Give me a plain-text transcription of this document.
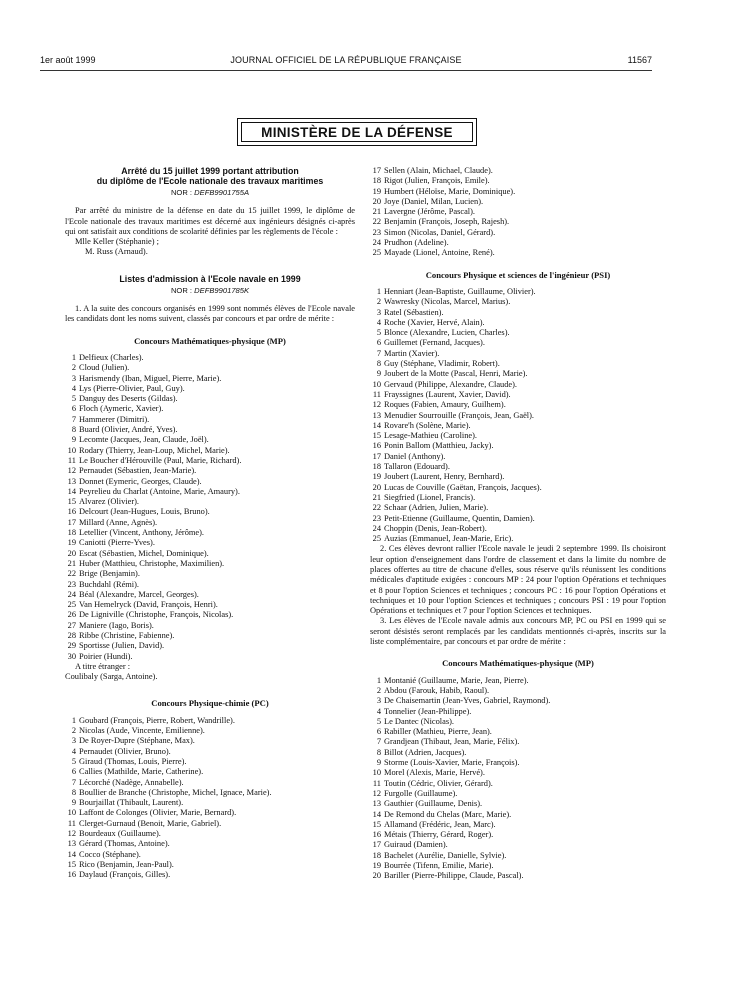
1er août 1999	JOURNAL OFFICIEL DE LA RÉPUBLIQUE FRANÇAISE	11567
MINISTÈRE DE LA DÉFENSE
Arrêté du 15 juillet 1999 portant attribution
du diplôme de l'Ecole nationale des travaux maritimes
NOR : DEFB9901755A

Par arrêté du ministre de la défense en date du 15 juillet 1999, le diplôme de l'Ecole nationale des travaux maritimes est décerné aux ingénieurs désignés ci-après qui ont satisfait aux conditions de scolarité définies par les règlements de l'école :

Mlle Keller (Stéphanie) ;
M. Russ (Arnaud).
Listes d'admission à l'Ecole navale en 1999
NOR : DEFB9901785K

1. A la suite des concours organisés en 1999 sont nommés élèves de l'Ecole navale les candidats dont les noms suivent, classés par concours et par ordre de mérite :

Concours Mathématiques-physique (MP)
1 Delfieux (Charles).
2 Cloud (Julien).
3 Harismendy (Iban, Miguel, Pierre, Marie).
4 Lys (Pierre-Olivier, Paul, Guy).
5 Danguy des Deserts (Gildas).
6 Floch (Aymeric, Xavier).
7 Hammerer (Dimitri).
8 Buard (Olivier, André, Yves).
9 Lecomte (Jacques, Jean, Claude, Joël).
10 Rodary (Thierry, Jean-Loup, Michel, Marie).
11 Le Boucher d'Hérouville (Paul, Marie, Richard).
12 Pernaudet (Sébastien, Jean-Marie).
13 Donnet (Eymeric, Georges, Claude).
14 Peyrelieu du Charlat (Antoine, Marie, Amaury).
15 Alvarez (Olivier).
16 Delcourt (Jean-Hugues, Louis, Bruno).
17 Millard (Anne, Agnès).
18 Letellier (Vincent, Anthony, Jérôme).
19 Caniotti (Pierre-Yves).
20 Escat (Sébastien, Michel, Dominique).
21 Huber (Matthieu, Christophe, Maximilien).
22 Brige (Benjamin).
23 Buchdahl (Rémi).
24 Béal (Alexandre, Marcel, Georges).
25 Van Hemelryck (David, François, Henri).
26 De Ligniville (Christophe, François, Nicolas).
27 Maniere (Iago, Boris).
28 Ribbe (Christine, Fabienne).
29 Sportisse (Julien, David).
30 Poirier (Hundi).
A titre étranger :
Coulibaly (Sarga, Antoine).
Concours Physique-chimie (PC)
1 Goubard (François, Pierre, Robert, Wandrille).
2 Nicolas (Aude, Vincente, Emilienne).
3 De Royer-Dupre (Stéphane, Max).
4 Pernaudet (Olivier, Bruno).
5 Giraud (Thomas, Louis, Pierre).
6 Callies (Mathilde, Marie, Catherine).
7 Lécorché (Nadège, Annabelle).
8 Boullier de Branche (Christophe, Michel, Ignace, Marie).
9 Bourjaillat (Thibault, Laurent).
10 Laffont de Colonges (Olivier, Marie, Bernard).
11 Clerget-Gurnaud (Benoit, Marie, Gabriel).
12 Bourdeaux (Guillaume).
13 Gérard (Thomas, Antoine).
14 Cocco (Stéphane).
15 Rico (Benjamin, Jean-Paul).
16 Daylaud (François, Gilles).
17 Sellen (Alain, Michael, Claude).
18 Rigot (Julien, François, Emile).
19 Humbert (Héloïse, Marie, Dominique).
20 Joye (Daniel, Milan, Lucien).
21 Lavergne (Jérôme, Pascal).
22 Benjamin (François, Joseph, Rajesh).
23 Simon (Nicolas, Daniel, Gérard).
24 Prudhon (Adeline).
25 Mayade (Lionel, Antoine, René).
Concours Physique et sciences de l'ingénieur (PSI)
1 Henniart (Jean-Baptiste, Guillaume, Olivier).
2 Wawresky (Nicolas, Marcel, Marius).
3 Ratel (Sébastien).
4 Roche (Xavier, Hervé, Alain).
5 Blonce (Alexandre, Lucien, Charles).
6 Guillemet (Fernand, Jacques).
7 Martin (Xavier).
8 Guy (Stéphane, Vladimir, Robert).
9 Joubert de la Motte (Pascal, Henri, Marie).
10 Gervaud (Philippe, Alexandre, Claude).
11 Frayssignes (Laurent, Xavier, David).
12 Roques (Fabien, Amaury, Guilhem).
13 Menudier Sourrouille (François, Jean, Gaël).
14 Rovare'h (Solène, Marie).
15 Lesage-Mathieu (Caroline).
16 Ponin Ballom (Matthieu, Jacky).
17 Daniel (Anthony).
18 Tallaron (Edouard).
19 Joubert (Laurent, Henry, Bernhard).
20 Lucas de Couville (Gaëtan, François, Jacques).
21 Siegfried (Lionel, Francis).
22 Schaar (Adrien, Julien, Marie).
23 Petit-Etienne (Guillaume, Quentin, Damien).
24 Choppin (Denis, Jean-Robert).
25 Auzias (Emmanuel, Jean-Marie, Eric).

2. Ces élèves devront rallier l'Ecole navale le jeudi 2 septembre 1999. Ils choisiront leur option d'enseignement dans l'ordre de classement et dans la limite du nombre de places offertes au titre de chacune d'elles, sous réserve qu'ils réunissent les conditions médicales d'aptitude exigées : concours MP : 24 pour l'option Opérations et techniques et 8 pour l'option Sciences et techniques ; concours PC : 16 pour l'option Opérations et techniques et 10 pour l'option Sciences et techniques ; concours PSI : 19 pour l'option Opérations et techniques et 7 pour l'option Sciences et techniques.

3. Les élèves de l'Ecole navale admis aux concours MP, PC ou PSI en 1999 qui se seront désistés seront remplacés par les candidats mentionnés ci-après, inscrits sur la liste complémentaire, par concours et par ordre de mérite :

Concours Mathématiques-physique (MP)
1 Montanié (Guillaume, Marie, Jean, Pierre).
2 Abdou (Farouk, Habib, Raoul).
3 De Chaisemartin (Jean-Yves, Gabriel, Raymond).
4 Tonnelier (Jean-Philippe).
5 Le Dantec (Nicolas).
6 Rabiller (Mathieu, Pierre, Jean).
7 Grandjean (Thibaut, Jean, Marie, Félix).
8 Billot (Adrien, Jacques).
9 Storme (Louis-Xavier, Marie, François).
10 Morel (Alexis, Marie, Hervé).
11 Toutin (Cédric, Olivier, Gérard).
12 Furgolle (Guillaume).
13 Gauthier (Guillaume, Denis).
14 De Remond du Chelas (Marc, Marie).
15 Allamand (Frédéric, Jean, Marc).
16 Métais (Thierry, Gérard, Roger).
17 Guiraud (Damien).
18 Bachelet (Aurélie, Danielle, Sylvie).
19 Bourrée (Tifenn, Emilie, Marie).
20 Bariller (Pierre-Philippe, Claude, Pascal).
